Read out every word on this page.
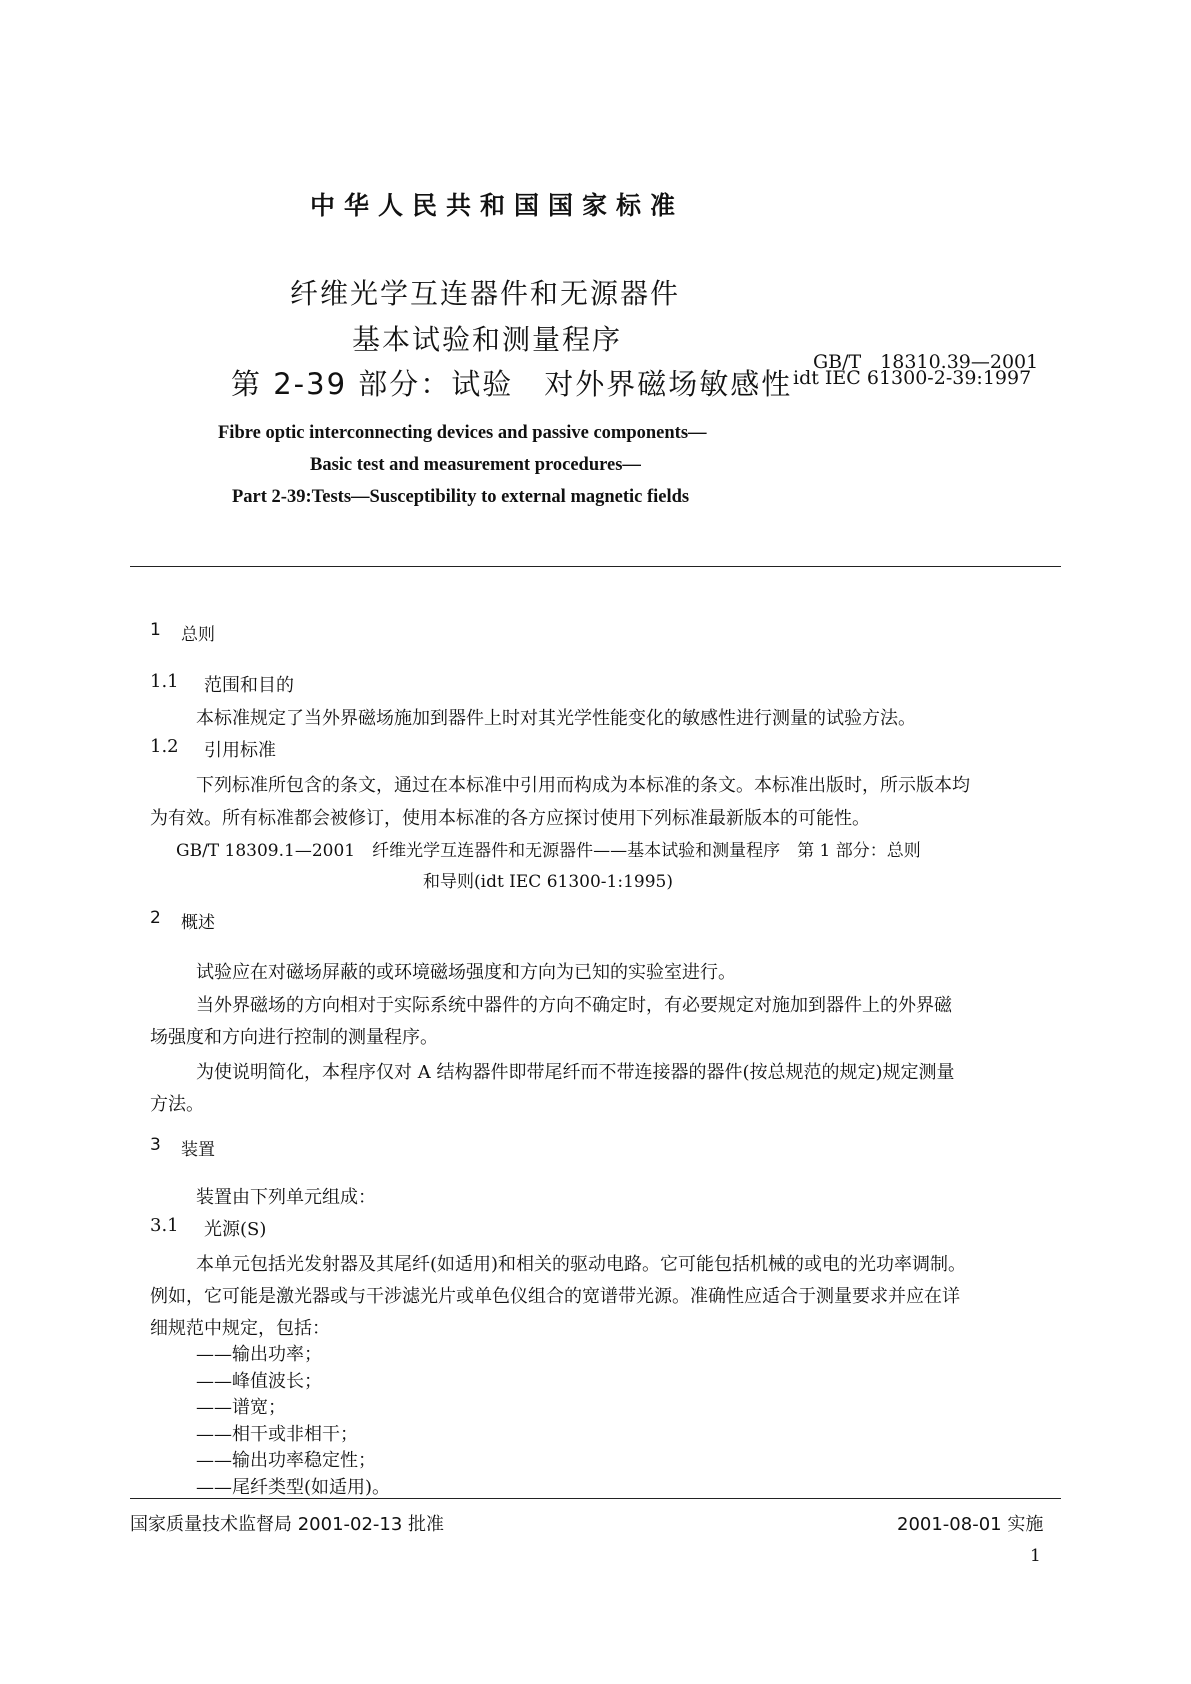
中华人民共和国国家标准
纤维光学互连器件和无源器件
基本试验和测量程序
第 2-39 部分：试验　对外界磁场敏感性
GB/T　18310.39—2001
idt IEC 61300-2-39:1997
Fibre optic interconnecting devices and passive components—
Basic test and measurement procedures—
Part 2-39:Tests—Susceptibility to external magnetic fields
1 总则
1.1 范围和目的
本标准规定了当外界磁场施加到器件上时对其光学性能变化的敏感性进行测量的试验方法。
1.2 引用标准
下列标准所包含的条文，通过在本标准中引用而构成为本标准的条文。本标准出版时，所示版本均
为有效。所有标准都会被修订，使用本标准的各方应探讨使用下列标准最新版本的可能性。
GB/T 18309.1—2001　纤维光学互连器件和无源器件——基本试验和测量程序　第 1 部分：总则
和导则(idt IEC 61300-1:1995)
2 概述
试验应在对磁场屏蔽的或环境磁场强度和方向为已知的实验室进行。
当外界磁场的方向相对于实际系统中器件的方向不确定时，有必要规定对施加到器件上的外界磁
场强度和方向进行控制的测量程序。
为使说明简化，本程序仅对 A 结构器件即带尾纤而不带连接器的器件(按总规范的规定)规定测量
方法。
3 装置
装置由下列单元组成：
3.1 光源(S)
本单元包括光发射器及其尾纤(如适用)和相关的驱动电路。它可能包括机械的或电的光功率调制。
例如，它可能是激光器或与干涉滤光片或单色仪组合的宽谱带光源。准确性应适合于测量要求并应在详
细规范中规定，包括：
——输出功率；
——峰值波长；
——谱宽；
——相干或非相干；
——输出功率稳定性；
国家质量技术监督局 2001-02-13 批准	2001-08-01 实施
1
——尾纤类型(如适用)。
